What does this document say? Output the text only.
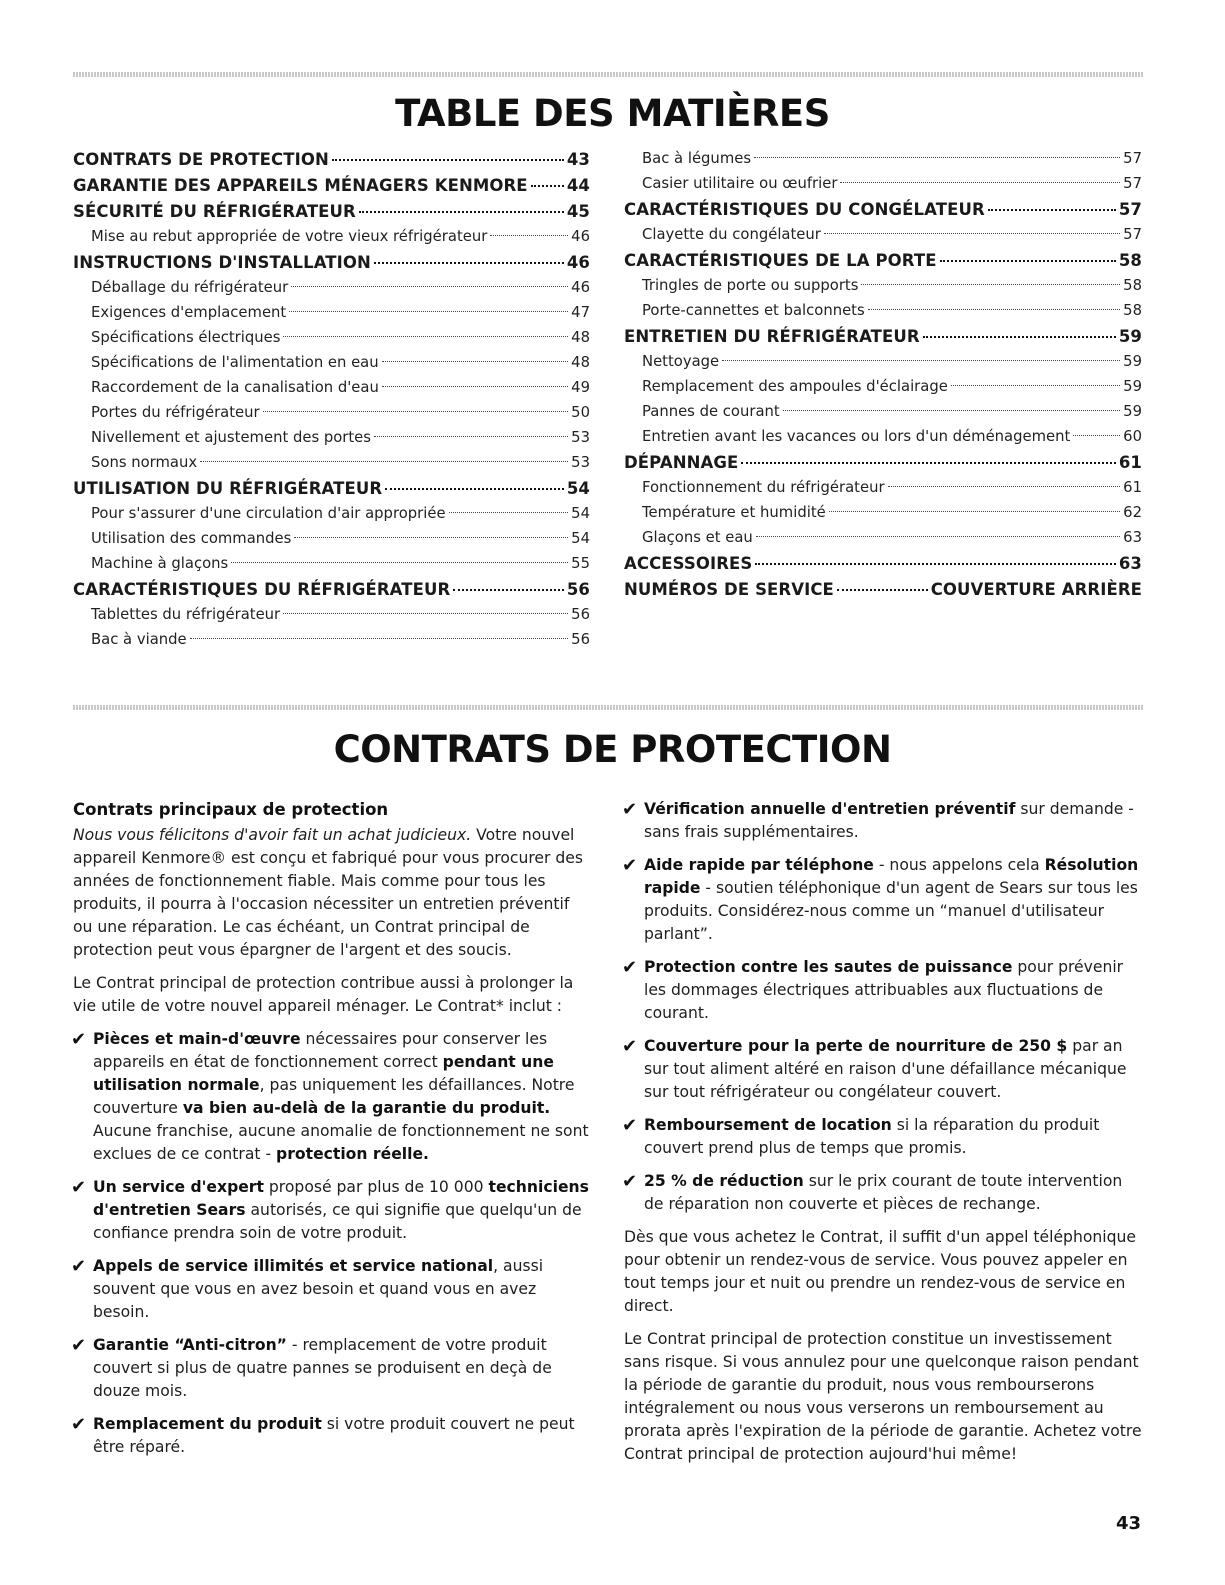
TABLE DES MATIÈRES
CONTRATS DE PROTECTION	43
GARANTIE DES APPAREILS MÉNAGERS KENMORE 44
SÉCURITÉ DU RÉFRIGÉRATEUR	45
Mise au rebut appropriée de votre vieux réfrigérateur	46
INSTRUCTIONS D'INSTALLATION	46
Déballage du réfrigérateur	46
Exigences d'emplacement	47
Spécifications électriques	48
Spécifications de l'alimentation en eau	48
Raccordement de la canalisation d'eau	49
Portes du réfrigérateur	50
Nivellement et ajustement des portes	53
Sons normaux	53
UTILISATION DU RÉFRIGÉRATEUR	54
Pour s'assurer d'une circulation d'air appropriée	54
Utilisation des commandes	54
Machine à glaçons	55
CARACTÉRISTIQUES DU RÉFRIGÉRATEUR	56
Tablettes du réfrigérateur	56
Bac à viande	56
Bac à légumes	57
Casier utilitaire ou œufrier	57
CARACTÉRISTIQUES DU CONGÉLATEUR	57
Clayette du congélateur	57
CARACTÉRISTIQUES DE LA PORTE	58
Tringles de porte ou supports	58
Porte-cannettes et balconnets	58
ENTRETIEN DU RÉFRIGÉRATEUR	59
Nettoyage	59
Remplacement des ampoules d'éclairage	59
Pannes de courant	59
Entretien avant les vacances ou lors d'un déménagement	60
DÉPANNAGE	61
Fonctionnement du réfrigérateur	61
Température et humidité	62
Glaçons et eau	63
ACCESSOIRES	63
NUMÉROS DE SERVICE	COUVERTURE ARRIÈRE
CONTRATS DE PROTECTION
Contrats principaux de protection

Nous vous félicitons d'avoir fait un achat judicieux. Votre nouvel appareil Kenmore® est conçu et fabriqué pour vous procurer des années de fonctionnement fiable. Mais comme pour tous les produits, il pourra à l'occasion nécessiter un entretien préventif ou une réparation. Le cas échéant, un Contrat principal de protection peut vous épargner de l'argent et des soucis.

Le Contrat principal de protection contribue aussi à prolonger la vie utile de votre nouvel appareil ménager. Le Contrat* inclut :

✔ Pièces et main-d'œuvre nécessaires pour conserver les appareils en état de fonctionnement correct pendant une utilisation normale, pas uniquement les défaillances. Notre couverture va bien au-delà de la garantie du produit. Aucune franchise, aucune anomalie de fonctionnement ne sont exclues de ce contrat - protection réelle.

✔ Un service d'expert proposé par plus de 10 000 techniciens d'entretien Sears autorisés, ce qui signifie que quelqu'un de confiance prendra soin de votre produit.

✔ Appels de service illimités et service national, aussi souvent que vous en avez besoin et quand vous en avez besoin.

✔ Garantie “Anti-citron” - remplacement de votre produit couvert si plus de quatre pannes se produisent en deçà de douze mois.

✔ Remplacement du produit si votre produit couvert ne peut être réparé.

✔ Vérification annuelle d'entretien préventif sur demande - sans frais supplémentaires.

✔ Aide rapide par téléphone - nous appelons cela Résolution rapide - soutien téléphonique d'un agent de Sears sur tous les produits. Considérez-nous comme un “manuel d'utilisateur parlant”.

✔ Protection contre les sautes de puissance pour prévenir les dommages électriques attribuables aux fluctuations de courant.

✔ Couverture pour la perte de nourriture de 250 $ par an sur tout aliment altéré en raison d'une défaillance mécanique sur tout réfrigérateur ou congélateur couvert.

✔ Remboursement de location si la réparation du produit couvert prend plus de temps que promis.

✔ 25 % de réduction sur le prix courant de toute intervention de réparation non couverte et pièces de rechange.

Dès que vous achetez le Contrat, il suffit d'un appel téléphonique pour obtenir un rendez-vous de service. Vous pouvez appeler en tout temps jour et nuit ou prendre un rendez-vous de service en direct.

Le Contrat principal de protection constitue un investissement sans risque. Si vous annulez pour une quelconque raison pendant la période de garantie du produit, nous vous rembourserons intégralement ou nous vous verserons un remboursement au prorata après l'expiration de la période de garantie. Achetez votre Contrat principal de protection aujourd'hui même!

43
